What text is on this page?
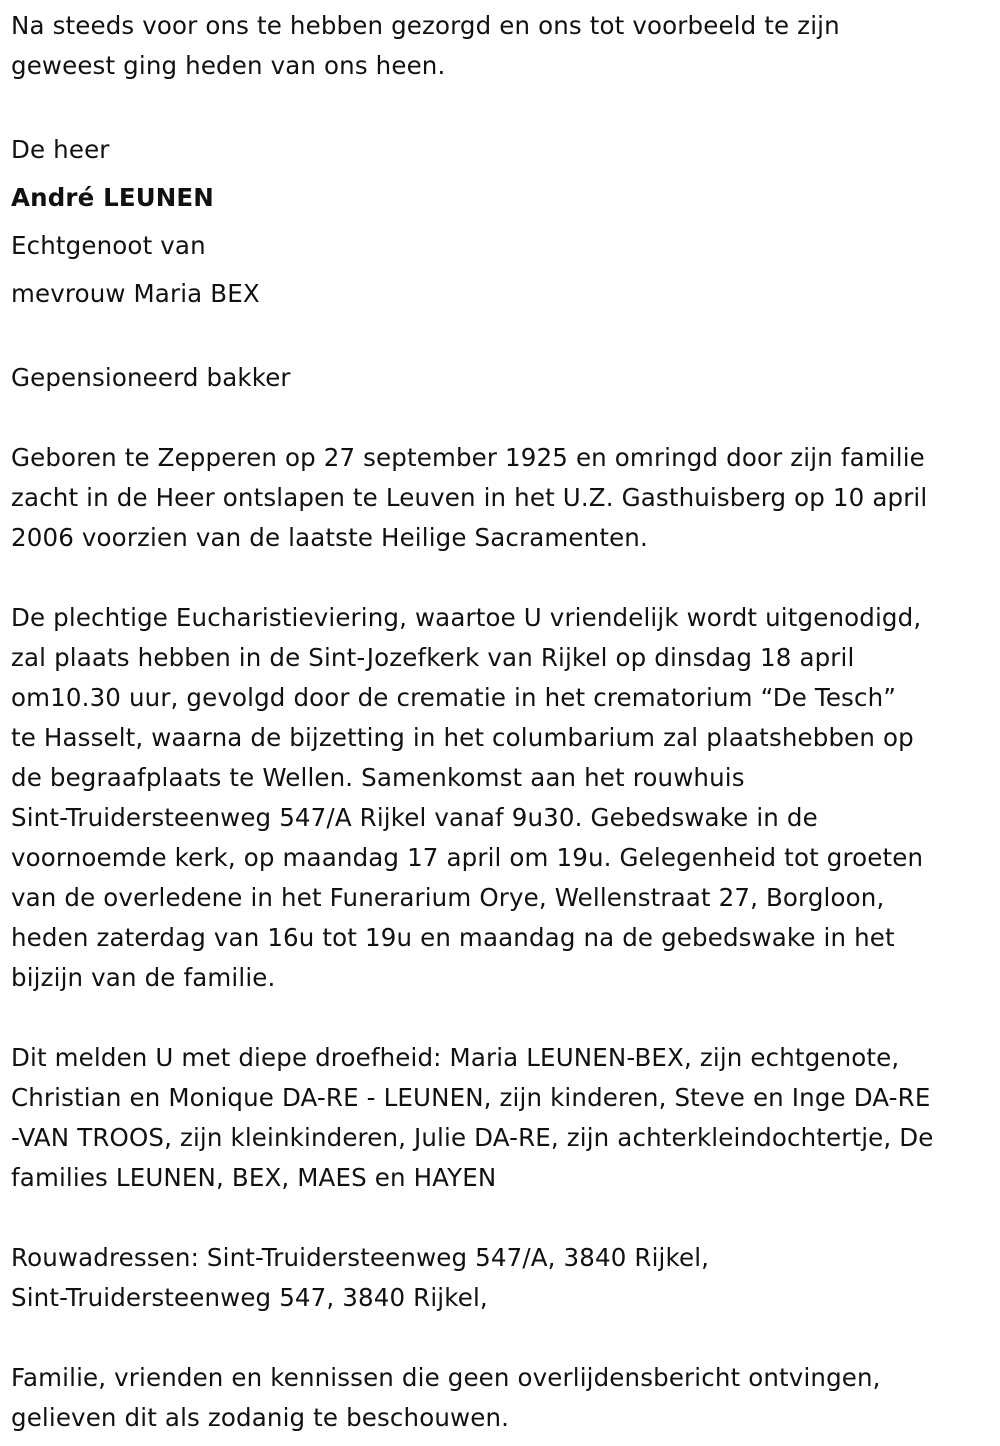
Na steeds voor ons te hebben gezorgd en ons tot voorbeeld te zijn
geweest ging heden van ons heen.
De heer
André LEUNEN
Echtgenoot van
mevrouw Maria BEX
Gepensioneerd bakker
Geboren te Zepperen op 27 september 1925 en omringd door zijn familie
zacht in de Heer ontslapen te Leuven in het U.Z. Gasthuisberg op 10 april
2006 voorzien van de laatste Heilige Sacramenten.
De plechtige Eucharistieviering, waartoe U vriendelijk wordt uitgenodigd,
zal plaats hebben in de Sint-Jozefkerk van Rijkel op dinsdag 18 april
om10.30 uur, gevolgd door de crematie in het crematorium “De Tesch”
te Hasselt, waarna de bijzetting in het columbarium zal plaatshebben op
de begraafplaats te Wellen. Samenkomst aan het rouwhuis
Sint-Truidersteenweg 547/A Rijkel vanaf 9u30. Gebedswake in de
voornoemde kerk, op maandag 17 april om 19u. Gelegenheid tot groeten
van de overledene in het Funerarium Orye, Wellenstraat 27, Borgloon,
heden zaterdag van 16u tot 19u en maandag na de gebedswake in het
bijzijn van de familie.
Dit melden U met diepe droefheid: Maria LEUNEN-BEX, zijn echtgenote,
Christian en Monique DA-RE - LEUNEN, zijn kinderen, Steve en Inge DA-RE
-VAN TROOS, zijn kleinkinderen, Julie DA-RE, zijn achterkleindochtertje, De
families LEUNEN, BEX, MAES en HAYEN
Rouwadressen: Sint-Truidersteenweg 547/A, 3840 Rijkel,
Sint-Truidersteenweg 547, 3840 Rijkel,
Familie, vrienden en kennissen die geen overlijdensbericht ontvingen,
gelieven dit als zodanig te beschouwen.
